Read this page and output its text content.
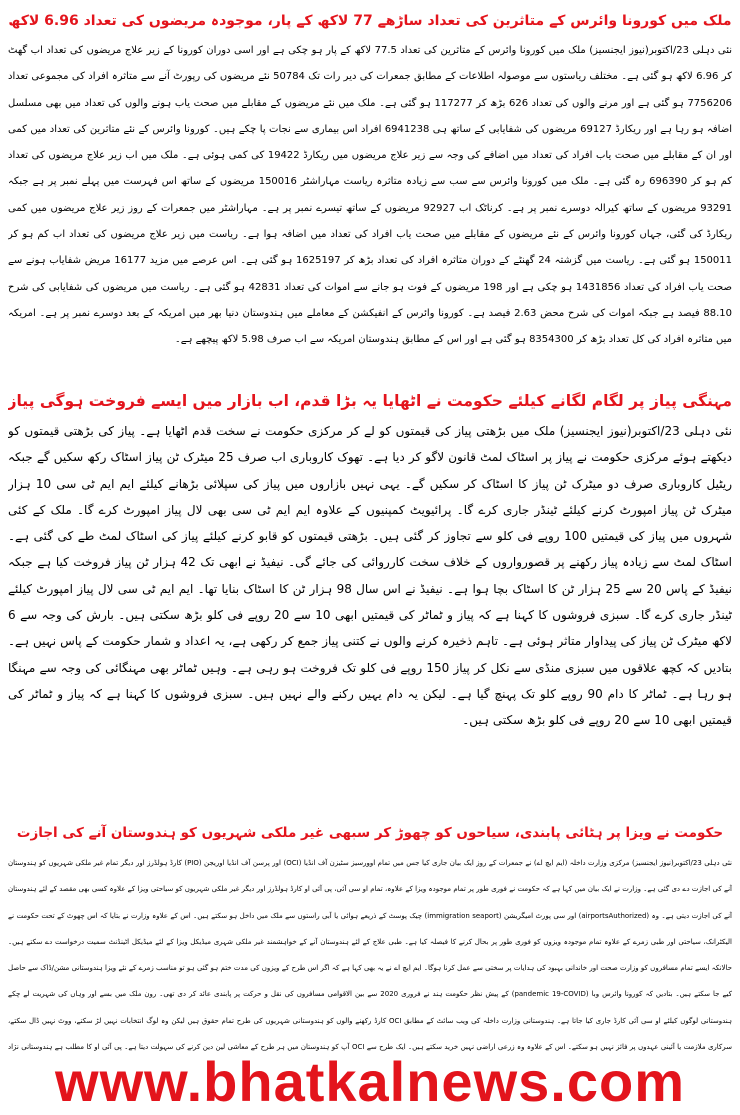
ملک میں کورونا وائرس کے متاثرین کی تعداد ساڑھے 77 لاکھ کے پار، موجودہ مریضوں کی تعداد 6.96 لاکھ

نئی دہلی 23/اکتوبر(نیوز ایجنسیز) ملک میں کورونا وائرس کے متاثرین کی تعداد 77.5 لاکھ کے پار ہو چکی ہے اور اسی دوران کورونا کے زیر علاج مریضوں کی تعداد اب گھٹ کر 6.96 لاکھ ہو گئی ہے۔ مختلف ریاستوں سے موصولہ اطلاعات کے مطابق جمعرات کی دیر رات تک 50784 نئے مریضوں کی رپورٹ آنے سے متاثرہ افراد کی مجموعی تعداد 7756206 ہو گئی ہے اور مرنے والوں کی تعداد 626 بڑھ کر 117277 ہو گئی ہے۔ ملک میں نئے مریضوں کے مقابلے میں صحت یاب ہونے والوں کی تعداد میں بھی مسلسل اضافہ ہو رہا ہے اور ریکارڈ 69127 مریضوں کی شفایابی کے ساتھ ہی 6941238 افراد اس بیماری سے نجات پا چکے ہیں۔ کورونا وائرس کے نئے متاثرین کی تعداد میں کمی اور ان کے مقابلے میں صحت یاب افراد کی تعداد میں اضافے کی وجہ سے زیر علاج مریضوں میں ریکارڈ 19422 کی کمی ہوئی ہے۔ ملک میں اب زیر علاج مریضوں کی تعداد کم ہو کر 696390 رہ گئی ہے۔ ملک میں کورونا وائرس سے سب سے زیادہ متاثرہ ریاست مہاراشٹر 150016 مریضوں کے ساتھ اس فہرست میں پہلے نمبر پر ہے جبکہ 93291 مریضوں کے ساتھ کیرالہ دوسرے نمبر پر ہے۔ کرناٹک اب 92927 مریضوں کے ساتھ تیسرے نمبر پر ہے۔ مہاراشٹر میں جمعرات کے روز زیر علاج مریضوں میں کمی ریکارڈ کی گئی، جہاں کورونا وائرس کے نئے مریضوں کے مقابلے میں صحت یاب افراد کی تعداد میں اضافہ ہوا ہے۔ ریاست میں زیر علاج مریضوں کی تعداد اب کم ہو کر 150011 ہو گئی ہے۔ ریاست میں گزشتہ 24 گھنٹے کے دوران متاثرہ افراد کی تعداد بڑھ کر 1625197 ہو گئی ہے۔ اس عرصے میں مزید 16177 مریض شفایاب ہونے سے صحت یاب افراد کی تعداد 1431856 ہو چکی ہے اور 198 مریضوں کے فوت ہو جانے سے اموات کی تعداد 42831 ہو گئی ہے۔ ریاست میں مریضوں کی شفایابی کی شرح 88.10 فیصد ہے جبکہ اموات کی شرح محض 2.63 فیصد ہے۔ کورونا وائرس کے انفیکشن کے معاملے میں ہندوستان دنیا بھر میں امریکہ کے بعد دوسرے نمبر پر ہے۔ امریکہ میں متاثرہ افراد کی کل تعداد بڑھ کر 8354300 ہو گئی ہے اور اس کے مطابق ہندوستان امریکہ سے اب صرف 5.98 لاکھ پیچھے ہے۔

مہنگی پیاز پر لگام لگانے کیلئے حکومت نے اٹھایا یہ بڑا قدم، اب بازار میں ایسے فروخت ہوگی پیاز

نئی دہلی 23/اکتوبر(نیوز ایجنسیز) ملک میں بڑھتی پیاز کی قیمتوں کو لے کر مرکزی حکومت نے سخت قدم اٹھایا ہے۔ پیاز کی بڑھتی قیمتوں کو دیکھتے ہوئے مرکزی حکومت نے پیاز پر اسٹاک لمٹ قانون لاگو کر دیا ہے۔ تھوک کاروباری اب صرف 25 میٹرک ٹن پیاز اسٹاک رکھ سکیں گے جبکہ ریٹیل کاروباری صرف دو میٹرک ٹن پیاز کا اسٹاک کر سکیں گے۔ یہی نہیں بازاروں میں پیاز کی سپلائی بڑھانے کیلئے ایم ایم ٹی سی 10 ہزار میٹرک ٹن پیاز امپورٹ کرنے کیلئے ٹینڈر جاری کرے گا۔ پرائیویٹ کمپنیوں کے علاوہ ایم ایم ٹی سی بھی لال پیاز امپورٹ کرے گا۔ ملک کے کئی شہروں میں پیاز کی قیمتیں 100 روپے فی کلو سے تجاوز کر گئی ہیں۔ بڑھتی قیمتوں کو قابو کرنے کیلئے پیاز کی اسٹاک لمٹ طے کی گئی ہے۔ اسٹاک لمٹ سے زیادہ پیاز رکھنے پر قصورواروں کے خلاف سخت کارروائی کی جائے گی۔ نیفیڈ نے ابھی تک 42 ہزار ٹن پیاز فروخت کیا ہے جبکہ نیفیڈ کے پاس 20 سے 25 ہزار ٹن کا اسٹاک بچا ہوا ہے۔ نیفیڈ نے اس سال 98 ہزار ٹن کا اسٹاک بنایا تھا۔ ایم ایم ٹی سی لال پیاز امپورٹ کیلئے ٹینڈر جاری کرے گا۔ سبزی فروشوں کا کہنا ہے کہ پیاز و ٹماٹر کی قیمتیں ابھی 10 سے 20 روپے فی کلو بڑھ سکتی ہیں۔ بارش کی وجہ سے 6 لاکھ میٹرک ٹن پیاز کی پیداوار متاثر ہوئی ہے۔ تاہم ذخیرہ کرنے والوں نے کتنی پیاز جمع کر رکھی ہے، یہ اعداد و شمار حکومت کے پاس نہیں ہے۔ بتادیں کہ کچھ علاقوں میں سبزی منڈی سے نکل کر پیاز 150 روپے فی کلو تک فروخت ہو رہی ہے۔ وہیں ٹماٹر بھی مہنگائی کی وجہ سے مہنگا ہو رہا ہے۔ ٹماٹر کا دام 90 روپے کلو تک پہنچ گیا ہے۔ لیکن یہ دام یہیں رکنے والے نہیں ہیں۔ سبزی فروشوں کا کہنا ہے کہ پیاز و ٹماٹر کی قیمتیں ابھی 10 سے 20 روپے فی کلو بڑھ سکتی ہیں۔

حکومت نے ویزا پر ہٹائی پابندی، سیاحوں کو چھوڑ کر سبھی غیر ملکی شہریوں کو ہندوستان آنے کی اجازت

نئی دہلی 23/اکتوبر(نیوز ایجنسیز) مرکزی وزارت داخلہ (ایم ایچ اے) نے جمعرات کے روز ایک بیان جاری کیا جس میں تمام اوورسیز سٹیزن آف انڈیا (OCI) اور پرسن آف انڈیا اوریجن (PIO) کارڈ ہولڈرز اور دیگر تمام غیر ملکی شہریوں کو ہندوستان آنے کی اجازت دے دی گئی ہے۔ وزارت نے ایک بیان میں کہا ہے کہ حکومت نے فوری طور پر تمام موجودہ ویزا کے علاوہ، تمام او سی آئی، پی آئی او کارڈ ہولڈرز اور دیگر غیر ملکی شہریوں کو سیاحتی ویزا کے علاوہ کسی بھی مقصد کے لئے ہندوستان آنے کی اجازت دیتی ہے۔ وہ (airportsAuthorized) اور سی پورٹ امیگریشن (immigration seaport) چیک پوسٹ کے ذریعے ہوائی یا آبی راستوں سے ملک میں داخل ہو سکتے ہیں۔ اس کے علاوہ وزارت نے بتایا کہ اس چھوٹ کے تحت حکومت نے الیکٹرانک، سیاحتی اور طبی زمرے کے علاوہ تمام موجودہ ویزوں کو فوری طور پر بحال کرنے کا فیصلہ کیا ہے۔ طبی علاج کے لئے ہندوستان آنے کے خواہشمند غیر ملکی شہری میڈیکل ویزا کے لئے میڈیکل اٹینڈنٹ سمیت درخواست دے سکتے ہیں۔ حالانکہ ایسے تمام مسافروں کو وزارت صحت اور خاندانی بہبود کی ہدایات پر سختی سے عمل کرنا ہوگا۔ ایم ایچ اے نے یہ بھی کہا ہے کہ اگر اس طرح کے ویزوں کی مدت ختم ہو گئی ہو تو مناسب زمرے کے نئے ویزا ہندوستانی مشن/ڈاک سے حاصل کیے جا سکتے ہیں۔ بتادیں کہ کورونا وائرس وبا (pandemic 19-COVID) کے پیش نظر حکومت ہند نے فروری 2020 سے بین الاقوامی مسافروں کی نقل و حرکت پر پابندی عائد کر دی تھی۔ رون ملک میں بسے اور وہاں کی شہریت لے چکے ہندوستانی لوگوں کیلئے او سی آئی کارڈ جاری کیا جاتا ہے۔ ہندوستانی وزارت داخلہ کی ویب سائٹ کے مطابق OCI کارڈ رکھنے والوں کو ہندوستانی شہریوں کی طرح تمام حقوق ہیں لیکن وہ لوگ انتخابات نہیں لڑ سکتے، ووٹ نہیں ڈال سکتے، سرکاری ملازمت یا آئینی عہدوں پر فائز نہیں ہو سکتے۔ اس کے علاوہ وہ زرعی اراضی نہیں خرید سکتے ہیں۔ ایک طرح سے OCI آپ کو ہندوستان میں ہر طرح کے معاشی لین دین کرنے کی سہولت دیتا ہے۔ پی آئی او کا مطلب ہے ہندوستانی نژاد

www.bhatkalnews.com
